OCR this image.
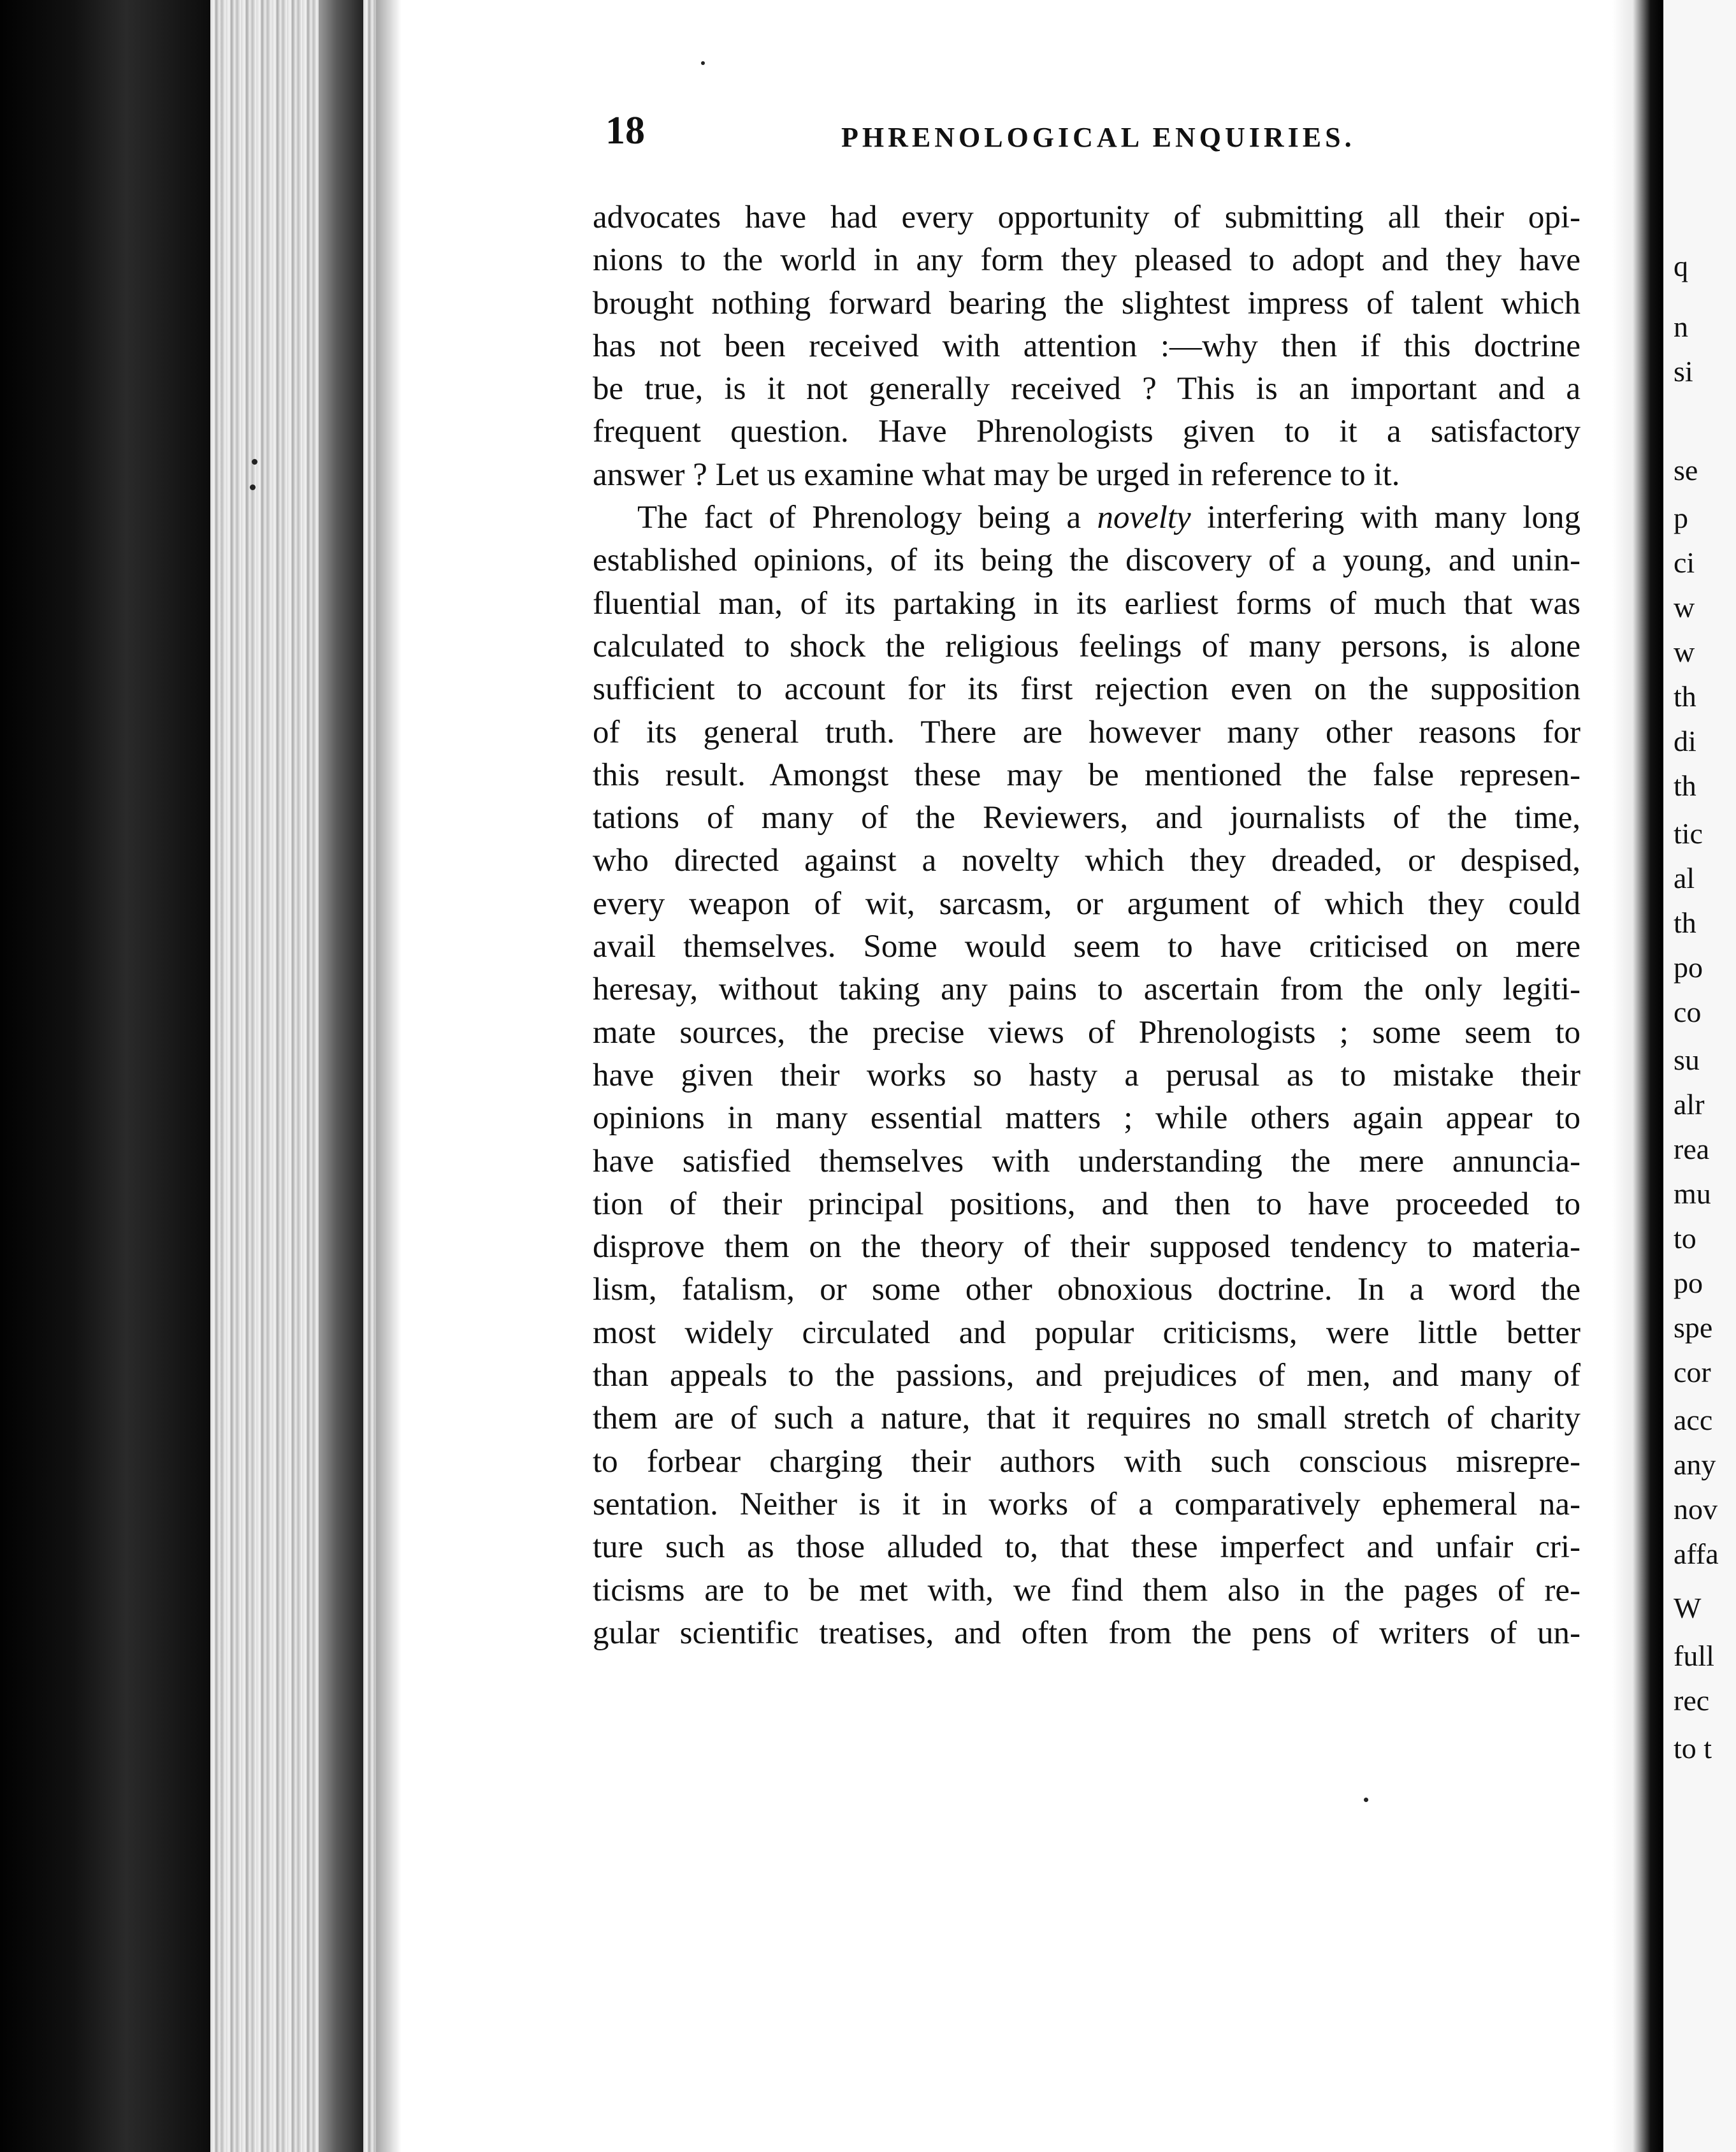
18	PHRENOLOGICAL ENQUIRIES.
advocates have had every opportunity of submitting all their opi-
nions to the world in any form they pleased to adopt and they have
brought nothing forward bearing the slightest impress of talent which
has not been received with attention :—why then if this doctrine
be true, is it not generally received ? This is an important and a
frequent question. Have Phrenologists given to it a satisfactory
answer ? Let us examine what may be urged in reference to it.
The fact of Phrenology being a novelty interfering with many long
established opinions, of its being the discovery of a young, and unin-
fluential man, of its partaking in its earliest forms of much that was
calculated to shock the religious feelings of many persons, is alone
sufficient to account for its first rejection even on the supposition
of its general truth. There are however many other reasons for
this result. Amongst these may be mentioned the false represen-
tations of many of the Reviewers, and journalists of the time,
who directed against a novelty which they dreaded, or despised,
every weapon of wit, sarcasm, or argument of which they could
avail themselves. Some would seem to have criticised on mere
heresay, without taking any pains to ascertain from the only legiti-
mate sources, the precise views of Phrenologists ; some seem to
have given their works so hasty a perusal as to mistake their
opinions in many essential matters ; while others again appear to
have satisfied themselves with understanding the mere annuncia-
tion of their principal positions, and then to have proceeded to
disprove them on the theory of their supposed tendency to materia-
lism, fatalism, or some other obnoxious doctrine. In a word the
most widely circulated and popular criticisms, were little better
than appeals to the passions, and prejudices of men, and many of
them are of such a nature, that it requires no small stretch of charity
to forbear charging their authors with such conscious misrepre-
sentation. Neither is it in works of a comparatively ephemeral na-
ture such as those alluded to, that these imperfect and unfair cri-
ticisms are to be met with, we find them also in the pages of re-
gular scientific treatises, and often from the pens of writers of un-
q
n
si
se
p
ci
w
w
th
di
th
tic
al
th
po
co
su
alr
rea
mu
to
po
spe
cor
acc
any
nov
affa
W
full
rec
to t
